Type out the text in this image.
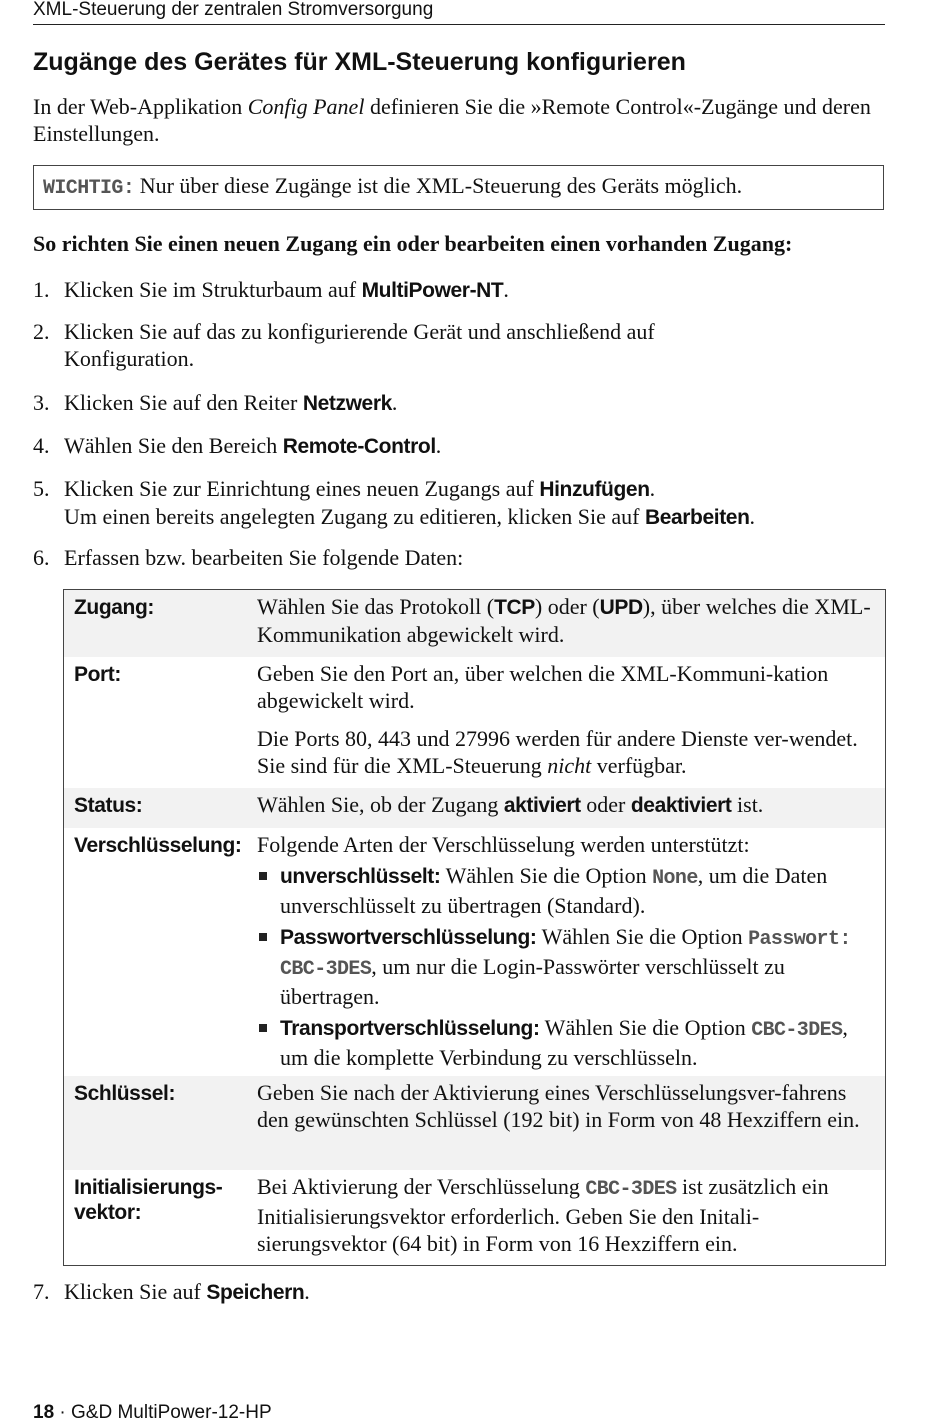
XML-Steuerung der zentralen Stromversorgung
Zugänge des Gerätes für XML-Steuerung konfigurieren

In der Web-Applikation Config Panel definieren Sie die »Remote Control«-Zugänge und deren Einstellungen.

WICHTIG: Nur über diese Zugänge ist die XML-Steuerung des Geräts möglich.
So richten Sie einen neuen Zugang ein oder bearbeiten einen vorhanden Zugang:
1. Klicken Sie im Strukturbaum auf MultiPower-NT.
2. Klicken Sie auf das zu konfigurierende Gerät und anschließend auf Konfiguration.
3. Klicken Sie auf den Reiter Netzwerk.
4. Wählen Sie den Bereich Remote-Control.
5. Klicken Sie zur Einrichtung eines neuen Zugangs auf Hinzufügen.
Um einen bereits angelegten Zugang zu editieren, klicken Sie auf Bearbeiten.
6. Erfassen bzw. bearbeiten Sie folgende Daten:
Zugang:	Wählen Sie das Protokoll (TCP) oder (UPD), über welches die XML-Kommunikation abgewickelt wird.
Port:	Geben Sie den Port an, über welchen die XML-Kommuni-kation abgewickelt wird.

Die Ports 80, 443 und 27996 werden für andere Dienste ver-wendet. Sie sind für die XML-Steuerung nicht verfügbar.

Status:	Wählen Sie, ob der Zugang aktiviert oder deaktiviert ist.
Verschlüsselung: Folgende Arten der Verschlüsselung werden unterstützt:

unverschlüsselt: Wählen Sie die Option None, um die Daten unverschlüsselt zu übertragen (Standard).
Passwortverschlüsselung: Wählen Sie die Option Passwort: CBC-3DES, um nur die Login-Passwörter verschlüsselt zu übertragen.
Transportverschlüsselung: Wählen Sie die Option CBC-3DES, um die komplette Verbindung zu verschlüsseln.
Schlüssel:	Geben Sie nach der Aktivierung eines Verschlüsselungsver-fahrens den gewünschten Schlüssel (192 bit) in Form von 48 Hexziffern ein.
Initialisierungs-
vektor:
Bei Aktivierung der Verschlüsselung CBC-3DES ist zusätzlich ein Initialisierungsvektor erforderlich. Geben Sie den Initali-sierungsvektor (64 bit) in Form von 16 Hexziffern ein.
7. Klicken Sie auf Speichern.
18 · G&D MultiPower-12-HP
